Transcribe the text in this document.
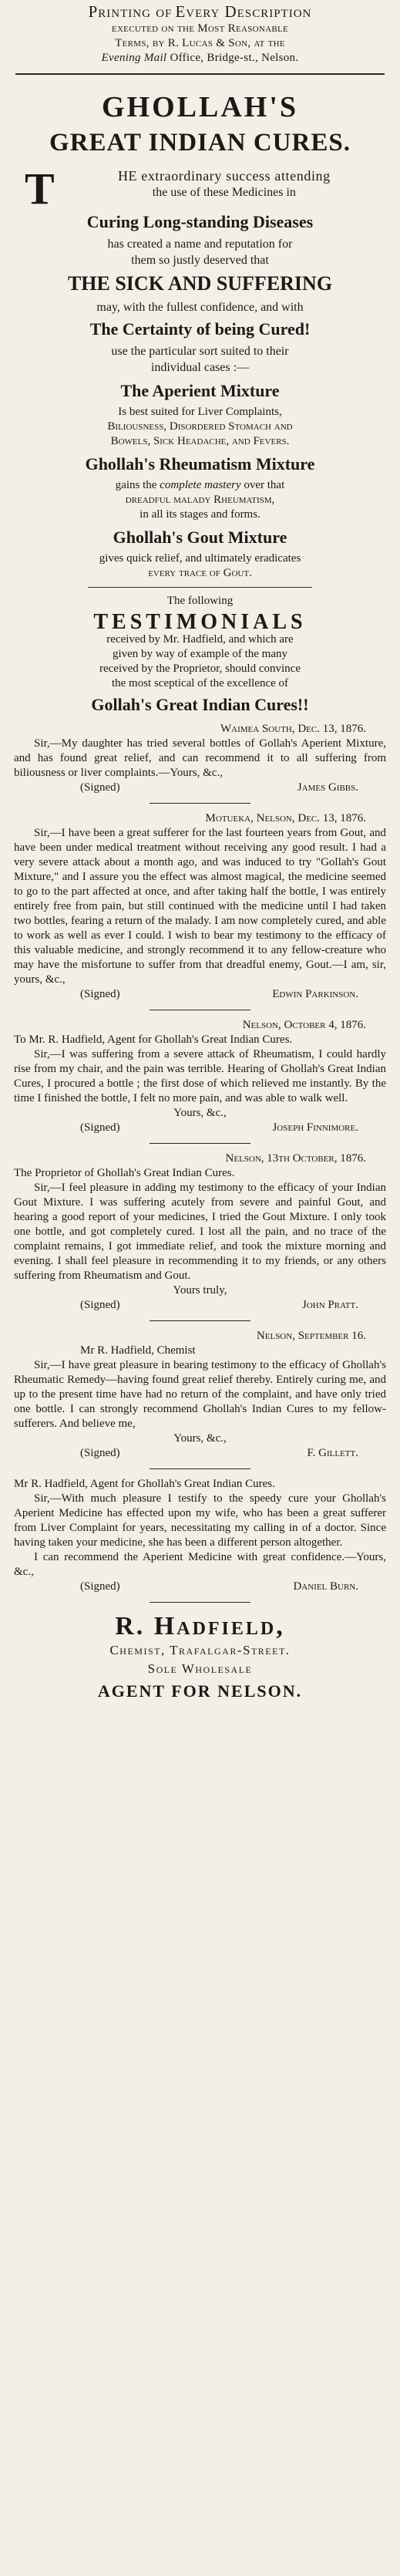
Printing of Every Description
executed on the Most Reasonable
Terms, by R. Lucas & Son, at the
Evening Mail Office, Bridge-st., Nelson.
GHOLLAH'S
GREAT INDIAN CURES.
T	HE extraordinary success attending
the use of these Medicines in
Curing Long-standing Diseases
has created a name and reputation for
them so justly deserved that
THE SICK AND SUFFERING
may, with the fullest confidence, and with
The Certainty of being Cured!
use the particular sort suited to their
individual cases :—
The Aperient Mixture
Is best suited for Liver Complaints,
Biliousness, Disordered Stomach and
Bowels, Sick Headache, and Fevers.
Ghollah's Rheumatism Mixture
gains the complete mastery over that
dreadful malady Rheumatism,
in all its stages and forms.
Ghollah's Gout Mixture
gives quick relief, and ultimately eradicates
every trace of Gout.
The following
TESTIMONIALS
received by Mr. Hadfield, and which are
given by way of example of the many
received by the Proprietor, should convince
the most sceptical of the excellence of
Gollah's Great Indian Cures!!
Waimea South, Dec. 13, 1876.
Sir,—My daughter has tried several bottles of Gollah's Aperient Mixture, and has found great relief, and can recommend it to all suffering from biliousness or liver complaints.—Yours, &c.,
(Signed)	James Gibbs.
Motueka, Nelson, Dec. 13, 1876.
Sir,—I have been a great sufferer for the last fourteen years from Gout, and have been under medical treatment without receiving any good result. I had a very severe attack about a month ago, and was induced to try "Gollah's Gout Mixture," and I assure you the effect was almost magical, the medicine seemed to go to the part affected at once, and after taking half the bottle, I was entirely entirely free from pain, but still continued with the medicine until I had taken two bottles, fearing a return of the malady. I am now completely cured, and able to work as well as ever I could. I wish to bear my testimony to the efficacy of this valuable medicine, and strongly recommend it to any fellow-creature who may have the misfortune to suffer from that dreadful enemy, Gout.—I am, sir, yours, &c.,
(Signed)	Edwin Parkinson.
Nelson, October 4, 1876.
To Mr. R. Hadfield, Agent for Ghollah's Great Indian Cures.
Sir,—I was suffering from a severe attack of Rheumatism, I could hardly rise from my chair, and the pain was terrible. Hearing of Ghollah's Great Indian Cures, I procured a bottle ; the first dose of which relieved me instantly. By the time I finished the bottle, I felt no more pain, and was able to walk well.
Yours, &c.,
(Signed)	Joseph Finnimore.
Nelson, 13th October, 1876.
The Proprietor of Ghollah's Great Indian Cures.
Sir,—I feel pleasure in adding my testimony to the efficacy of your Indian Gout Mixture. I was suffering acutely from severe and painful Gout, and hearing a good report of your medicines, I tried the Gout Mixture. I only took one bottle, and got completely cured. I lost all the pain, and no trace of the complaint remains, I got immediate relief, and took the mixture morning and evening. I shall feel pleasure in recommending it to my friends, or any others suffering from Rheumatism and Gout.
Yours truly,
(Signed)	John Pratt.
Nelson, September 16.
Mr R. Hadfield, Chemist
Sir,—I have great pleasure in bearing testimony to the efficacy of Ghollah's Rheumatic Remedy—having found great relief thereby. Entirely curing me, and up to the present time have had no return of the complaint, and have only tried one bottle. I can strongly recommend Ghollah's Indian Cures to my fellow-sufferers. And believe me,
Yours, &c.,
(Signed)	F. Gillett.
Mr R. Hadfield, Agent for Ghollah's Great Indian Cures.
Sir,—With much pleasure I testify to the speedy cure your Ghollah's Aperient Medicine has effected upon my wife, who has been a great sufferer from Liver Complaint for years, necessitating my calling in of a doctor. Since having taken your medicine, she has been a different person altogether.
I can recommend the Aperient Medicine with great confidence.—Yours, &c.,
(Signed)	Daniel Burn.
R. Hadfield,
Chemist, Trafalgar-Street.
Sole Wholesale
AGENT FOR NELSON.
